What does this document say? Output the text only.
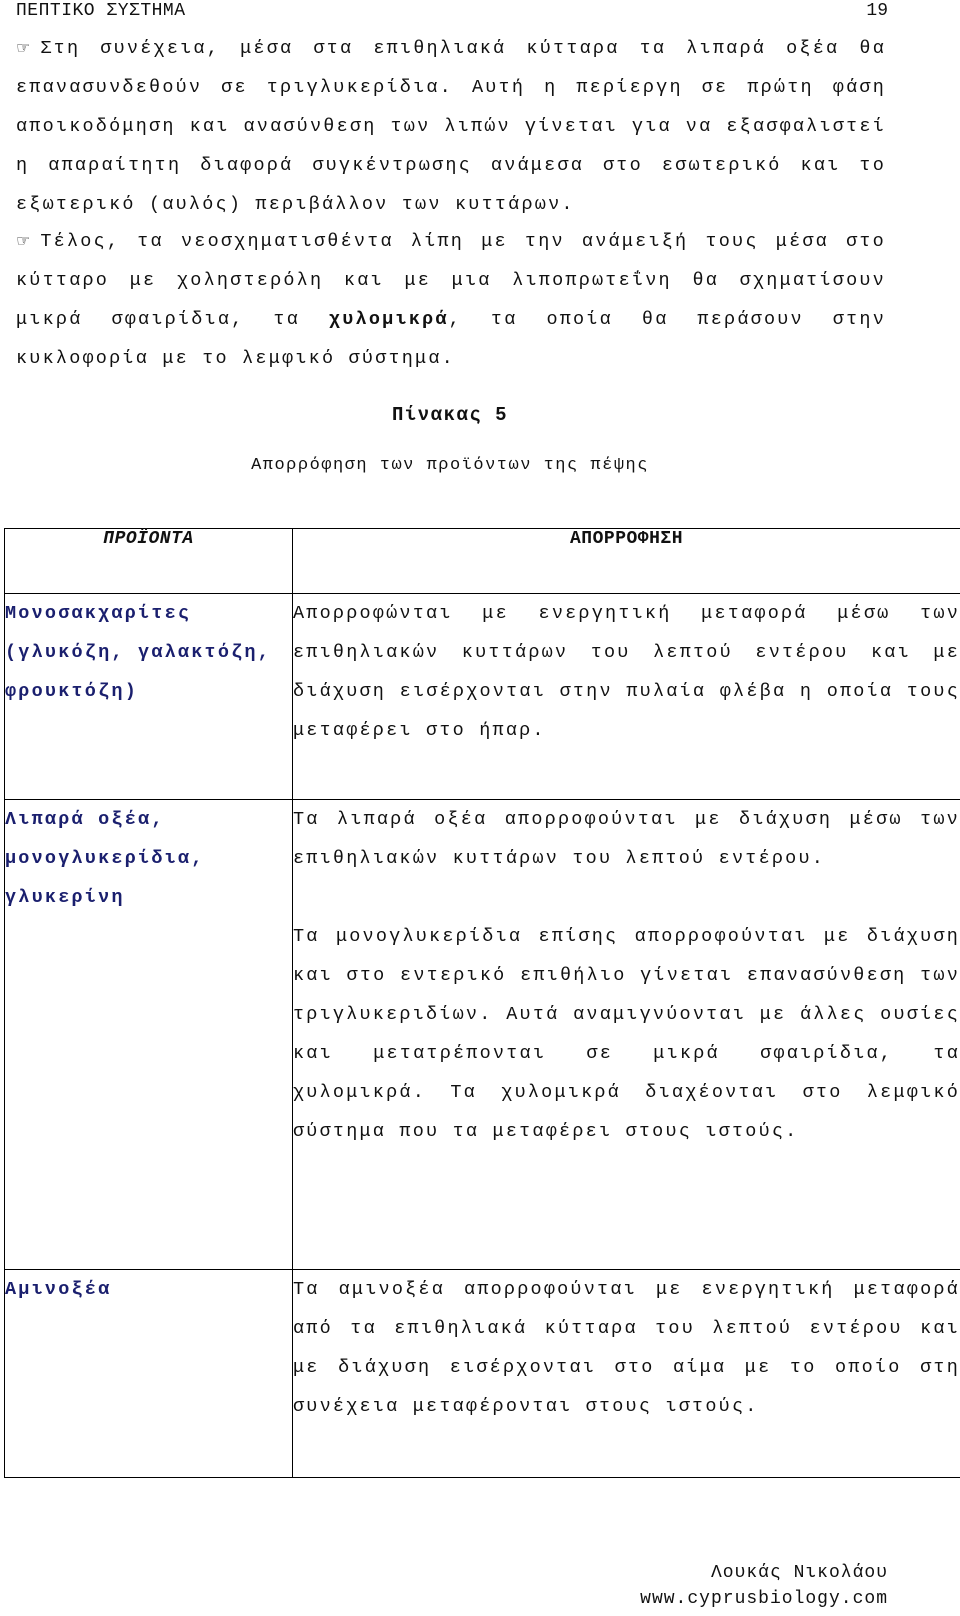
ΠΕΠΤΙΚΟ ΣΥΣΤΗΜΑ	19
☞ Στη συνέχεια, μέσα στα επιθηλιακά κύτταρα τα λιπαρά οξέα θα επανασυνδεθούν σε τριγλυκερίδια. Αυτή η περίεργη σε πρώτη φάση αποικοδόμηση και ανασύνθεση των λιπών γίνεται για να εξασφαλιστεί η απαραίτητη διαφορά συγκέντρωσης ανάμεσα στο εσωτερικό και το εξωτερικό (αυλός) περιβάλλον των κυττάρων.
☞ Τέλος, τα νεοσχηματισθέντα λίπη με την ανάμειξή τους μέσα στο κύτταρο με χοληστερόλη και με μια λιποπρωτεΐνη θα σχηματίσουν μικρά σφαιρίδια, τα χυλομικρά, τα οποία θα περάσουν στην κυκλοφορία με το λεμφικό σύστημα.
Πίνακας 5
Απορρόφηση των προϊόντων της πέψης
ΠΡΟΪΟΝΤΑ	ΑΠΟΡΡΟΦΗΣΗ
Μονοσακχαρίτες (γλυκόζη, γαλακτόζη, φρουκτόζη)	Απορροφώνται με ενεργητική μεταφορά μέσω των επιθηλιακών κυττάρων του λεπτού εντέρου και με διάχυση εισέρχονται στην πυλαία φλέβα η οποία τους μεταφέρει στο ήπαρ.

Λιπαρά οξέα, μονογλυκερίδια, γλυκερίνη	Τα λιπαρά οξέα απορροφούνται με διάχυση μέσω των επιθηλιακών κυττάρων του λεπτού εντέρου.

Τα μονογλυκερίδια επίσης απορροφούνται με διάχυση και στο εντερικό επιθήλιο γίνεται επανασύνθεση των τριγλυκεριδίων. Αυτά αναμιγνύονται με άλλες ουσίες και μετατρέπονται σε μικρά σφαιρίδια, τα χυλομικρά. Τα χυλομικρά διαχέονται στο λεμφικό σύστημα που τα μεταφέρει στους ιστούς.

Αμινοξέα	Τα αμινοξέα απορροφούνται με ενεργητική μεταφορά από τα επιθηλιακά κύτταρα του λεπτού εντέρου και με διάχυση εισέρχονται στο αίμα με το οποίο στη συνέχεια μεταφέρονται στους ιστούς.

Λουκάς Νικολάου
www.cyprusbiology.com
